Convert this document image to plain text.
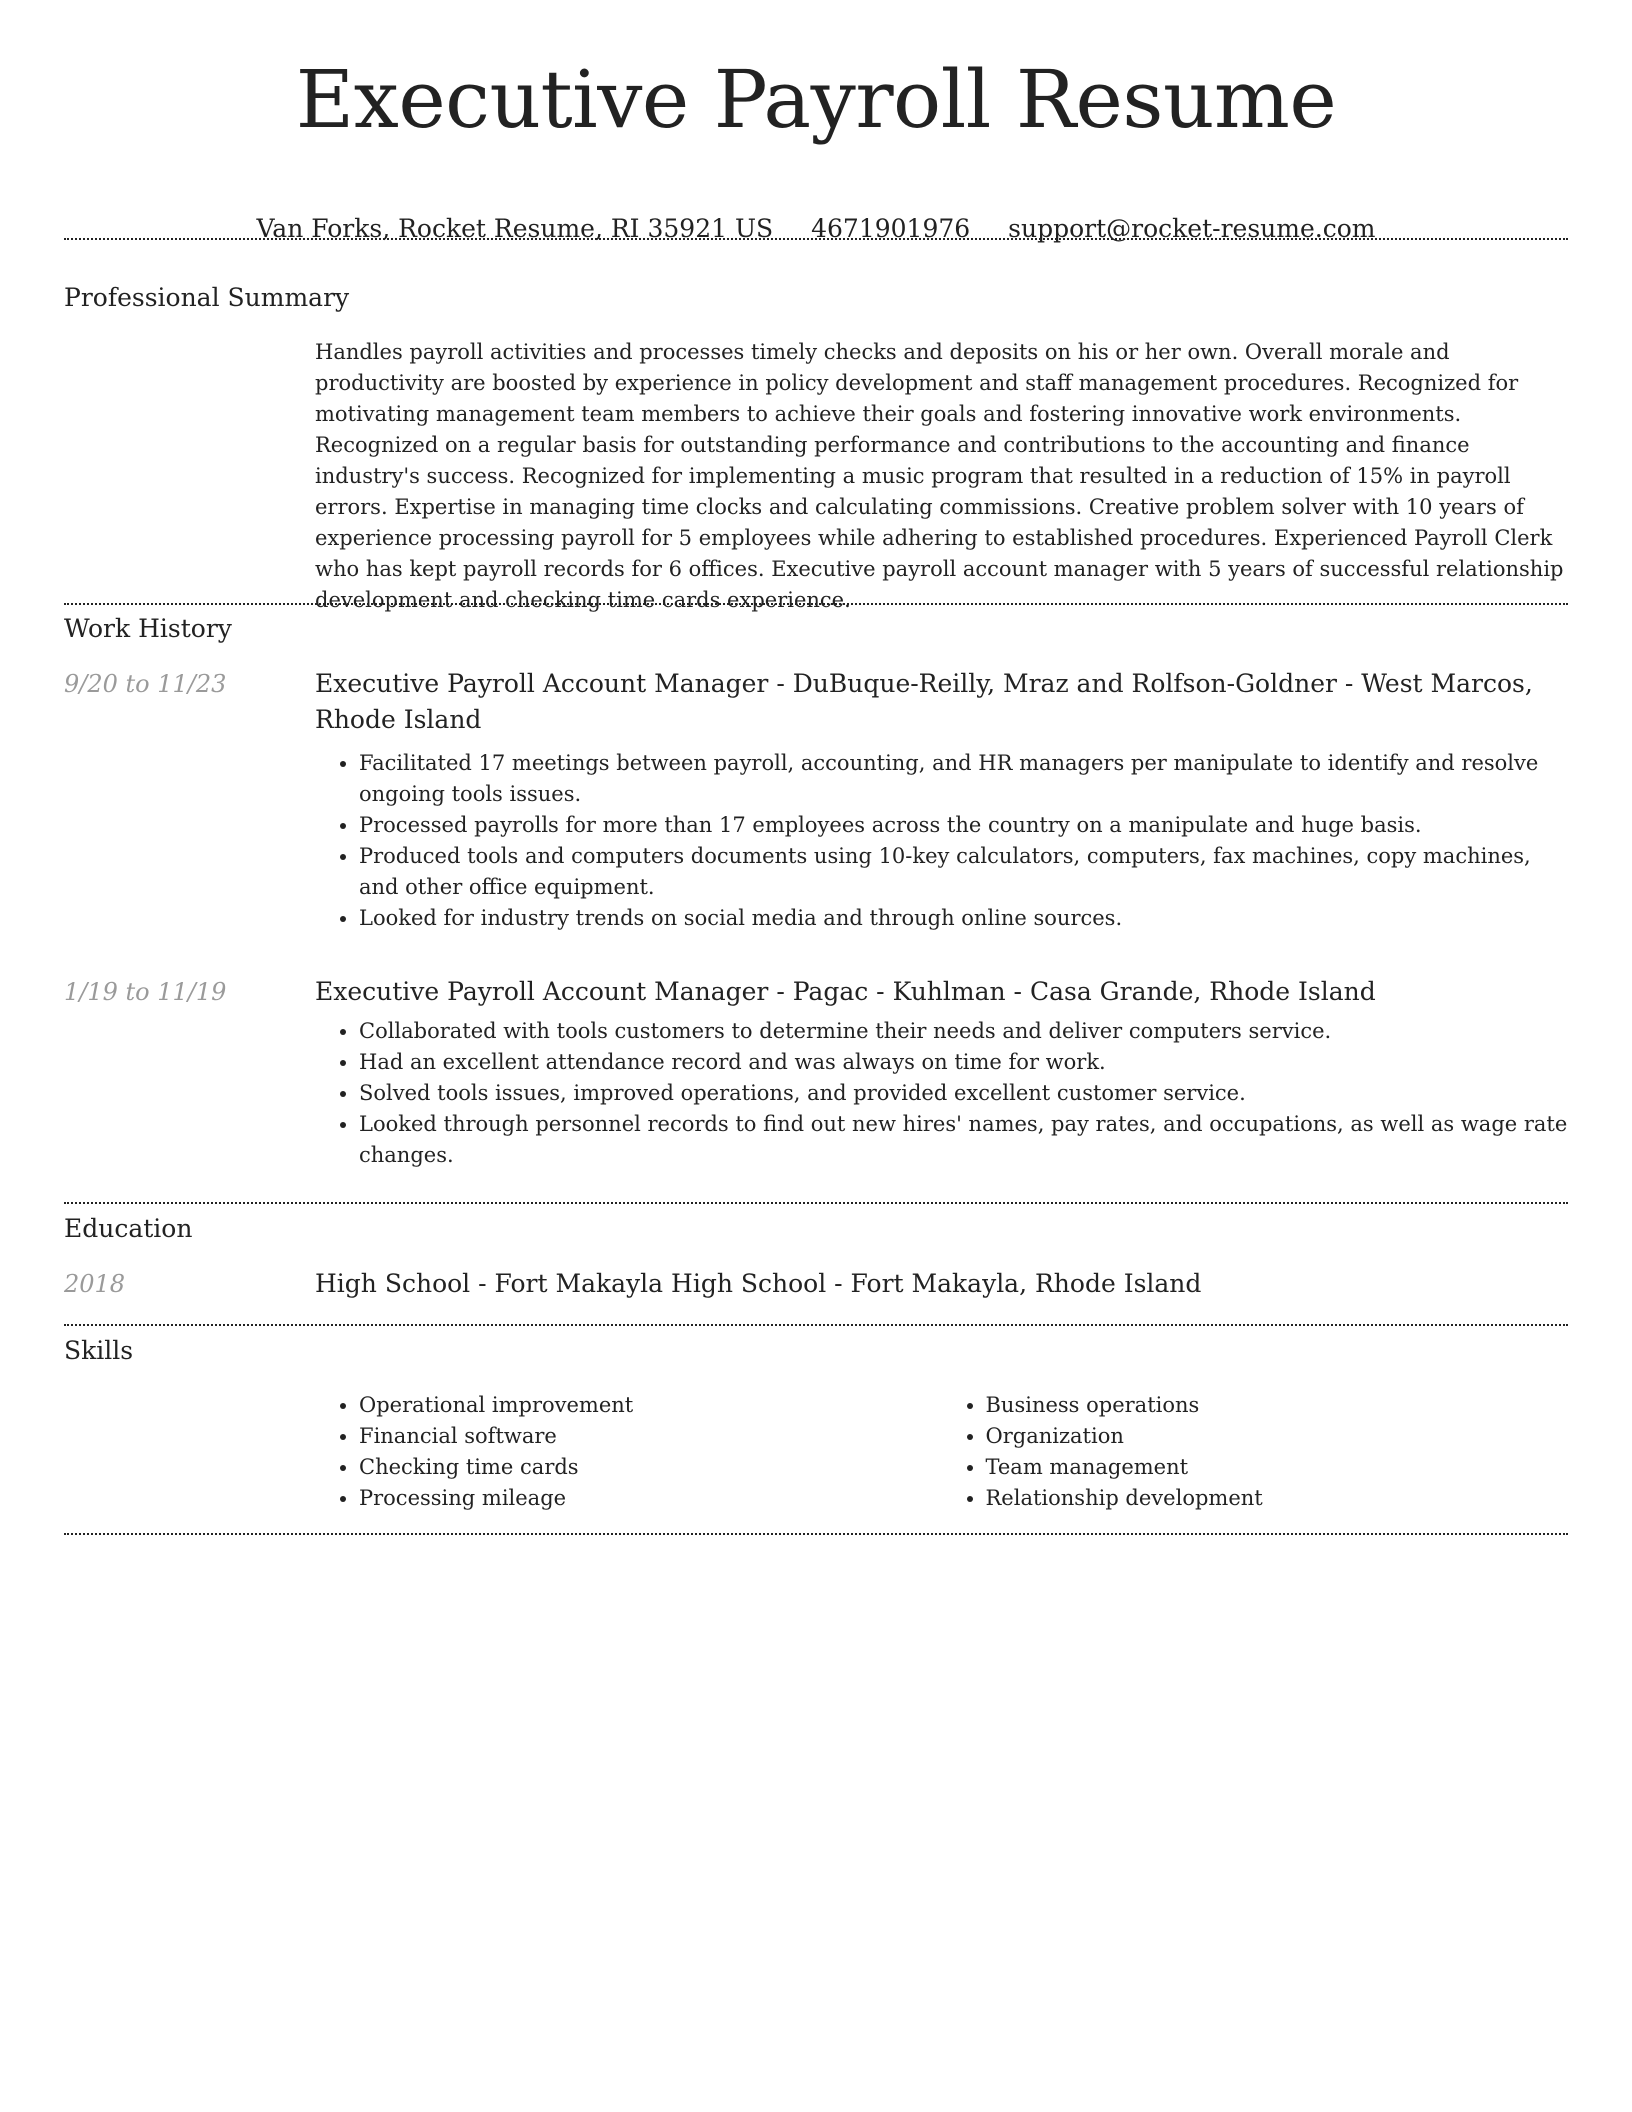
Executive Payroll Resume
Van Forks, Rocket Resume, RI 35921 US 4671901976 support@rocket-resume.com
Professional Summary

Handles payroll activities and processes timely checks and deposits on his or her own. Overall morale and productivity are boosted by experience in policy development and staff management procedures. Recognized for motivating management team members to achieve their goals and fostering innovative work environments. Recognized on a regular basis for outstanding performance and contributions to the accounting and finance industry's success. Recognized for implementing a music program that resulted in a reduction of 15% in payroll errors. Expertise in managing time clocks and calculating commissions. Creative problem solver with 10 years of experience processing payroll for 5 employees while adhering to established procedures. Experienced Payroll Clerk who has kept payroll records for 6 offices. Executive payroll account manager with 5 years of successful relationship development and checking time cards experience.

Work History
9/20 to 11/23	Executive Payroll Account Manager - DuBuque-Reilly, Mraz and Rolfson-Goldner - West Marcos, Rhode Island

• Facilitated 17 meetings between payroll, accounting, and HR managers per manipulate to identify and resolve ongoing tools issues.
• Processed payrolls for more than 17 employees across the country on a manipulate and huge basis.
• Produced tools and computers documents using 10-key calculators, computers, fax machines, copy machines, and other office equipment.
• Looked for industry trends on social media and through online sources.
1/19 to 11/19	Executive Payroll Account Manager - Pagac - Kuhlman - Casa Grande, Rhode Island

• Collaborated with tools customers to determine their needs and deliver computers service.
• Had an excellent attendance record and was always on time for work.
• Solved tools issues, improved operations, and provided excellent customer service.
• Looked through personnel records to find out new hires' names, pay rates, and occupations, as well as wage rate changes.
Education
2018	High School - Fort Makayla High School - Fort Makayla, Rhode Island

Skills
• Operational improvement
• Financial software
• Checking time cards
• Processing mileage
• Business operations
• Organization
• Team management
• Relationship development
